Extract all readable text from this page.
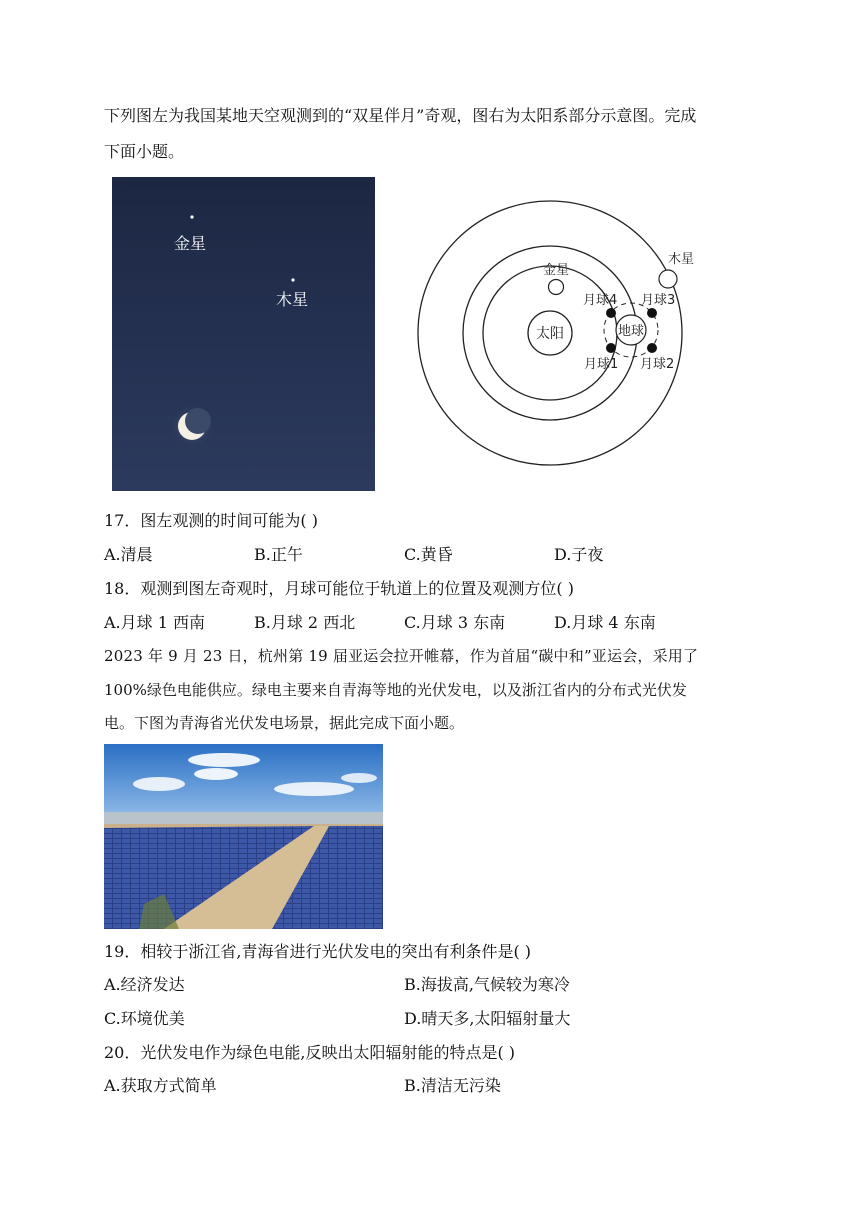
下列图左为我国某地天空观测到的“双星伴月”奇观，图右为太阳系部分示意图。完成
下面小题。
金星
木星
太阳
金星
木星
地球
月球4 月球3
月球1 月球2
17．图左观测的时间可能为( )
A.清晨	B.正午	C.黄昏	D.子夜
18．观测到图左奇观时，月球可能位于轨道上的位置及观测方位( )
A.月球 1 西南	B.月球 2 西北	C.月球 3 东南	D.月球 4 东南
2023 年 9 月 23 日，杭州第 19 届亚运会拉开帷幕，作为首届“碳中和”亚运会，采用了
100%绿色电能供应。绿电主要来自青海等地的光伏发电，以及浙江省内的分布式光伏发
电。下图为青海省光伏发电场景，据此完成下面小题。
19．相较于浙江省,青海省进行光伏发电的突出有利条件是( )
A.经济发达	B.海拔高,气候较为寒冷
C.环境优美	D.晴天多,太阳辐射量大
20．光伏发电作为绿色电能,反映出太阳辐射能的特点是( )
A.获取方式简单	B.清洁无污染
